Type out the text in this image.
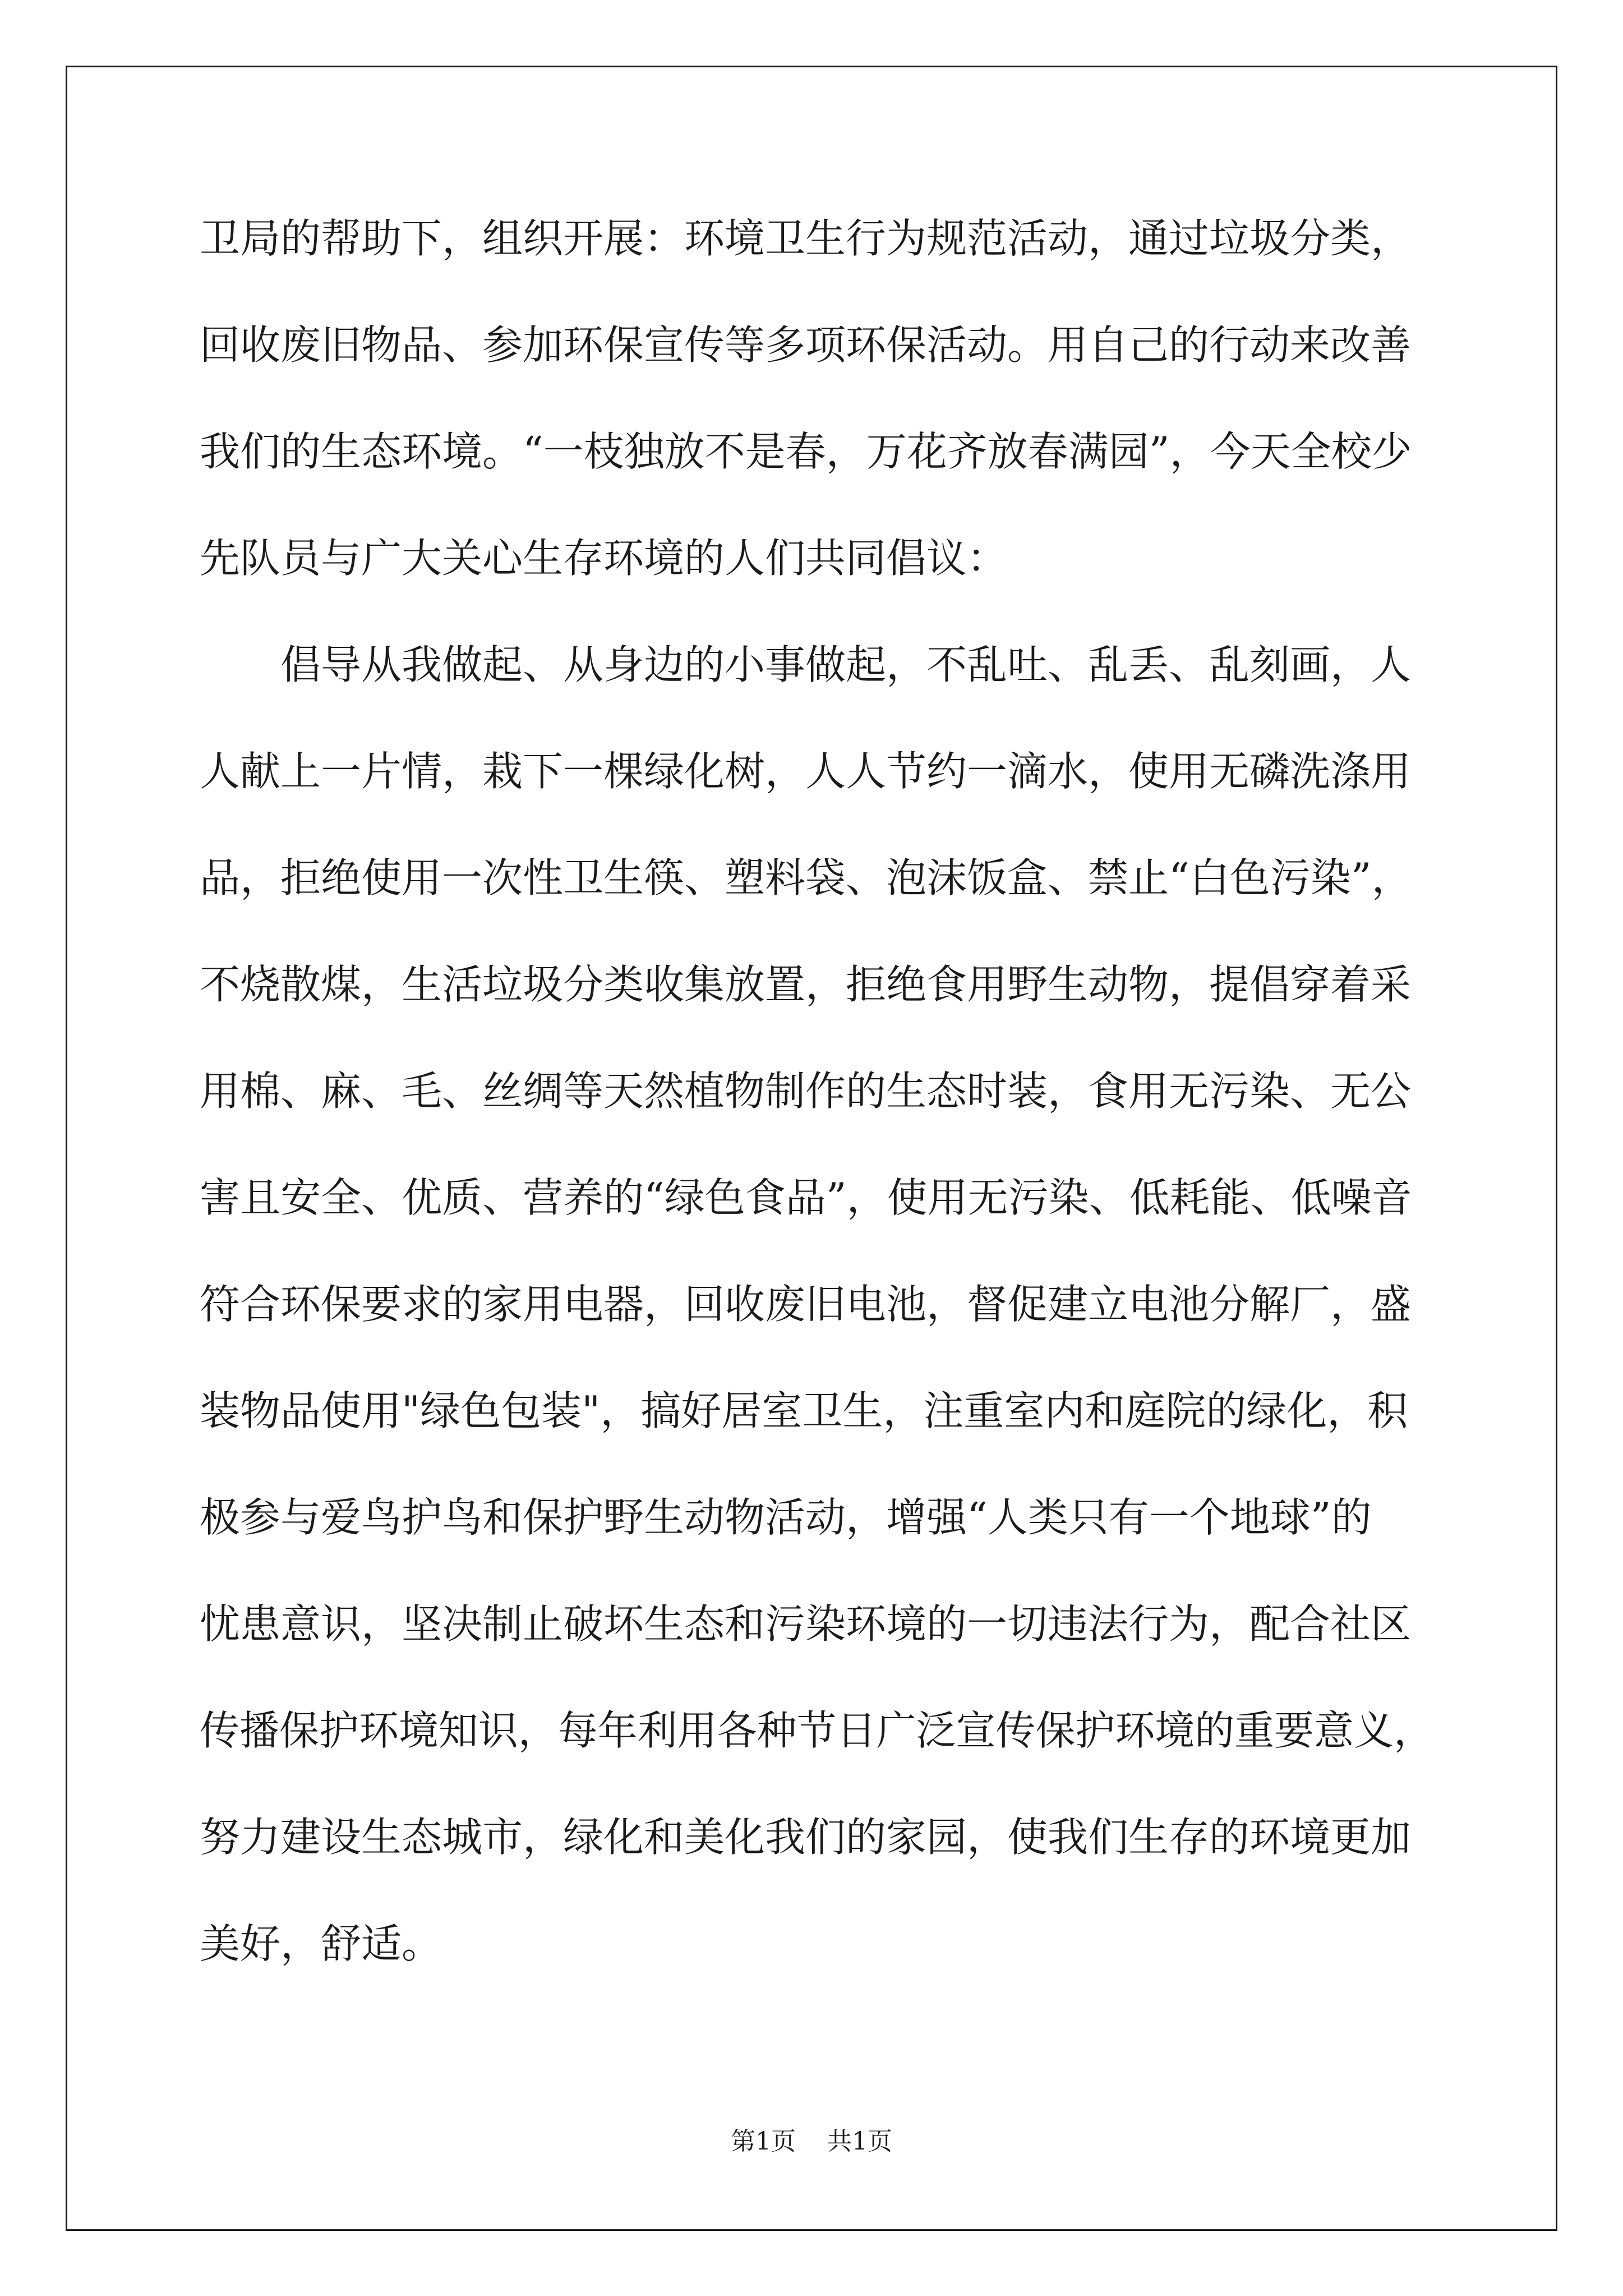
卫局的帮助下，组织开展：环境卫生行为规范活动，通过垃圾分类，
回收废旧物品、参加环保宣传等多项环保活动。用自己的行动来改善
我们的生态环境。“一枝独放不是春，万花齐放春满园”，今天全校少
先队员与广大关心生存环境的人们共同倡议：
倡导从我做起、从身边的小事做起，不乱吐、乱丢、乱刻画，人
人献上一片情，栽下一棵绿化树，人人节约一滴水，使用无磷洗涤用
品，拒绝使用一次性卫生筷、塑料袋、泡沫饭盒、禁止“白色污染”，
不烧散煤，生活垃圾分类收集放置，拒绝食用野生动物，提倡穿着采
用棉、麻、毛、丝绸等天然植物制作的生态时装，食用无污染、无公
害且安全、优质、营养的“绿色食品”，使用无污染、低耗能、低噪音
符合环保要求的家用电器，回收废旧电池，督促建立电池分解厂，盛
装物品使用"绿色包装"，搞好居室卫生，注重室内和庭院的绿化，积
极参与爱鸟护鸟和保护野生动物活动，增强“人类只有一个地球”的
忧患意识，坚决制止破坏生态和污染环境的一切违法行为，配合社区
传播保护环境知识，每年利用各种节日广泛宣传保护环境的重要意义，
努力建设生态城市，绿化和美化我们的家园，使我们生存的环境更加
美好，舒适。
第1页 共1页
